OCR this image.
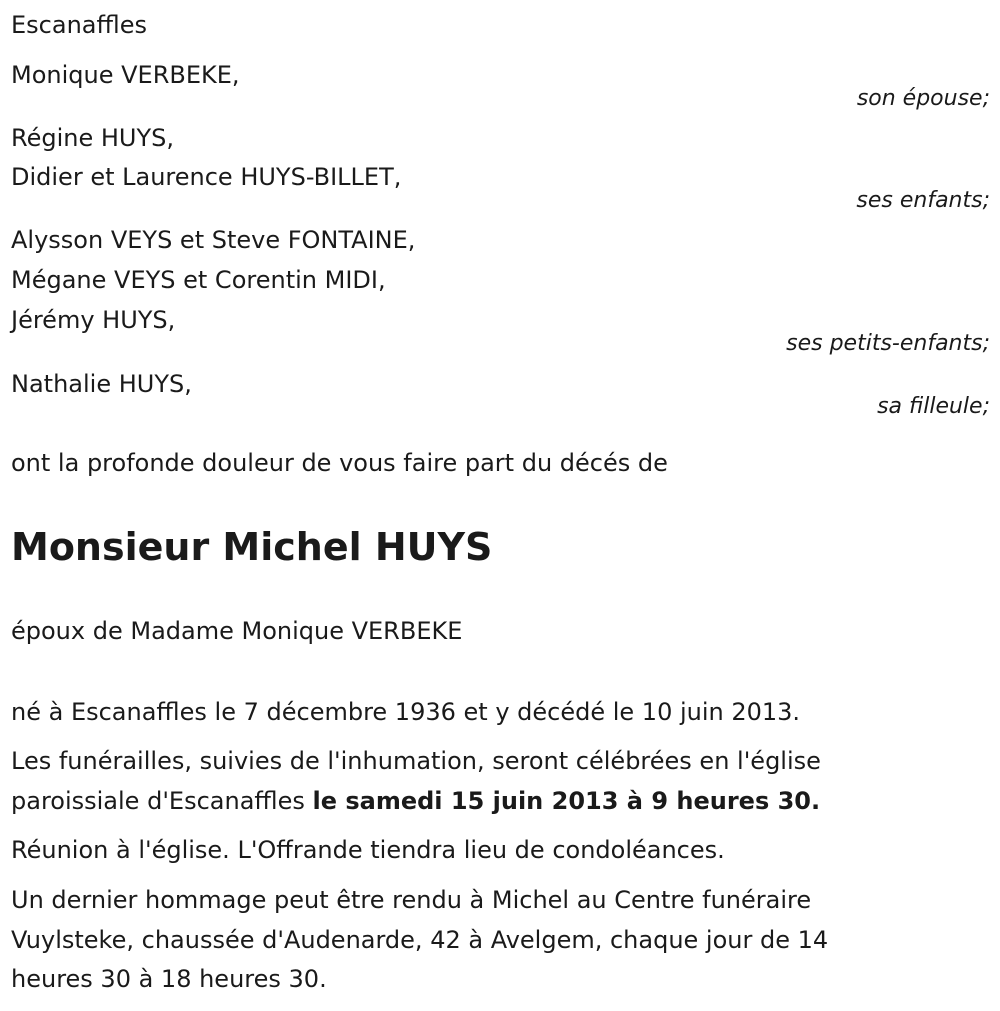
Escanaffles
Monique VERBEKE,
son épouse;
Régine HUYS,
Didier et Laurence HUYS-BILLET,
ses enfants;
Alysson VEYS et Steve FONTAINE,
Mégane VEYS et Corentin MIDI,
Jérémy HUYS,
ses petits-enfants;
Nathalie HUYS,
sa filleule;
ont la profonde douleur de vous faire part du décés de
Monsieur Michel HUYS
époux de Madame Monique VERBEKE
né à Escanaffles le 7 décembre 1936 et y décédé le 10 juin 2013.
Les funérailles, suivies de l'inhumation, seront célébrées en l'église
paroissiale d'Escanaffles le samedi 15 juin 2013 à 9 heures 30.
Réunion à l'église. L'Offrande tiendra lieu de condoléances.
Un dernier hommage peut être rendu à Michel au Centre funéraire
Vuylsteke, chaussée d'Audenarde, 42 à Avelgem, chaque jour de 14
heures 30 à 18 heures 30.
